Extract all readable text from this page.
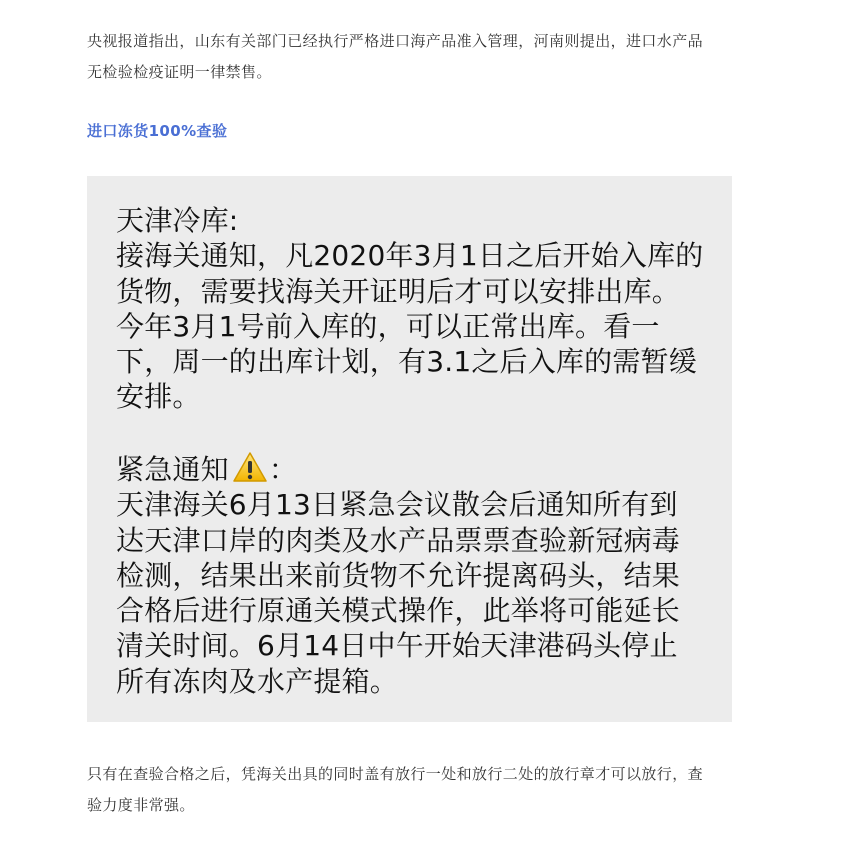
央视报道指出，山东有关部门已经执行严格进口海产品准入管理，河南则提出，进口水产品
无检验检疫证明一律禁售。
进口冻货100%查验
天津冷库:
接海关通知，凡2020年3月1日之后开始入库的
货物，需要找海关开证明后才可以安排出库。
今年3月1号前入库的，可以正常出库。看一
下，周一的出库计划，有3.1之后入库的需暂缓
安排。
紧急通知 ：
天津海关6月13日紧急会议散会后通知所有到
达天津口岸的肉类及水产品票票查验新冠病毒
检测，结果出来前货物不允许提离码头，结果
合格后进行原通关模式操作，此举将可能延长
清关时间。6月14日中午开始天津港码头停止
所有冻肉及水产提箱。
只有在查验合格之后，凭海关出具的同时盖有放行一处和放行二处的放行章才可以放行，查
验力度非常强。
